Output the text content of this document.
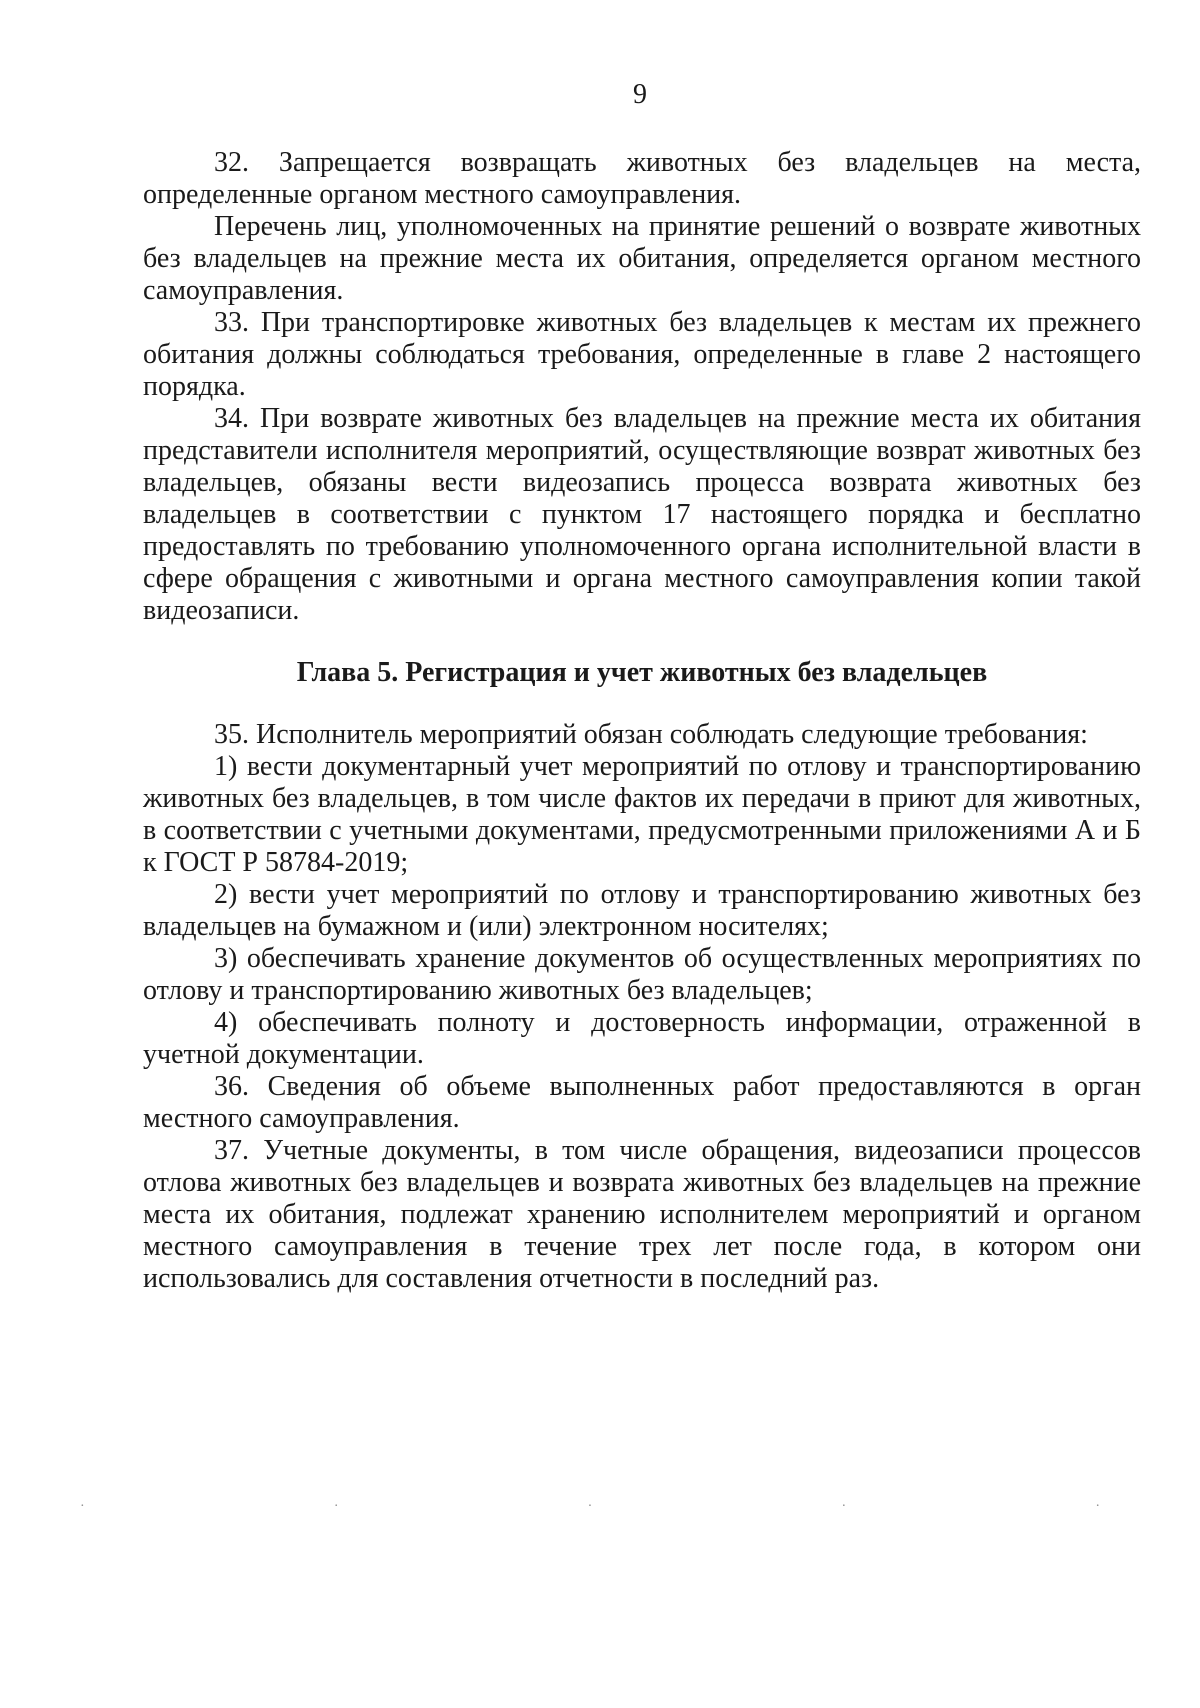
9

32. Запрещается возвращать животных без владельцев на места, определенные органом местного самоуправления.

Перечень лиц, уполномоченных на принятие решений о возврате животных без владельцев на прежние места их обитания, определяется органом местного самоуправления.

33. При транспортировке животных без владельцев к местам их прежнего обитания должны соблюдаться требования, определенные в главе 2 настоящего порядка.

34. При возврате животных без владельцев на прежние места их обитания представители исполнителя мероприятий, осуществляющие возврат животных без владельцев, обязаны вести видеозапись процесса возврата животных без владельцев в соответствии с пунктом 17 настоящего порядка и бесплатно предоставлять по требованию уполномоченного органа исполнительной власти в сфере обращения с животными и органа местного самоуправления копии такой видеозаписи.

Глава 5. Регистрация и учет животных без владельцев

35. Исполнитель мероприятий обязан соблюдать следующие требования:

1) вести документарный учет мероприятий по отлову и транспортированию животных без владельцев, в том числе фактов их передачи в приют для животных, в соответствии с учетными документами, предусмотренными приложениями А и Б к ГОСТ Р 58784-2019;

2) вести учет мероприятий по отлову и транспортированию животных без владельцев на бумажном и (или) электронном носителях;

3) обеспечивать хранение документов об осуществленных мероприятиях по отлову и транспортированию животных без владельцев;

4) обеспечивать полноту и достоверность информации, отраженной в учетной документации.

36. Сведения об объеме выполненных работ предоставляются в орган местного самоуправления.

37. Учетные документы, в том числе обращения, видеозаписи процессов отлова животных без владельцев и возврата животных без владельцев на прежние места их обитания, подлежат хранению исполнителем мероприятий и органом местного самоуправления в течение трех лет после года, в котором они использовались для составления отчетности в последний раз.

·	·	·	·	·
